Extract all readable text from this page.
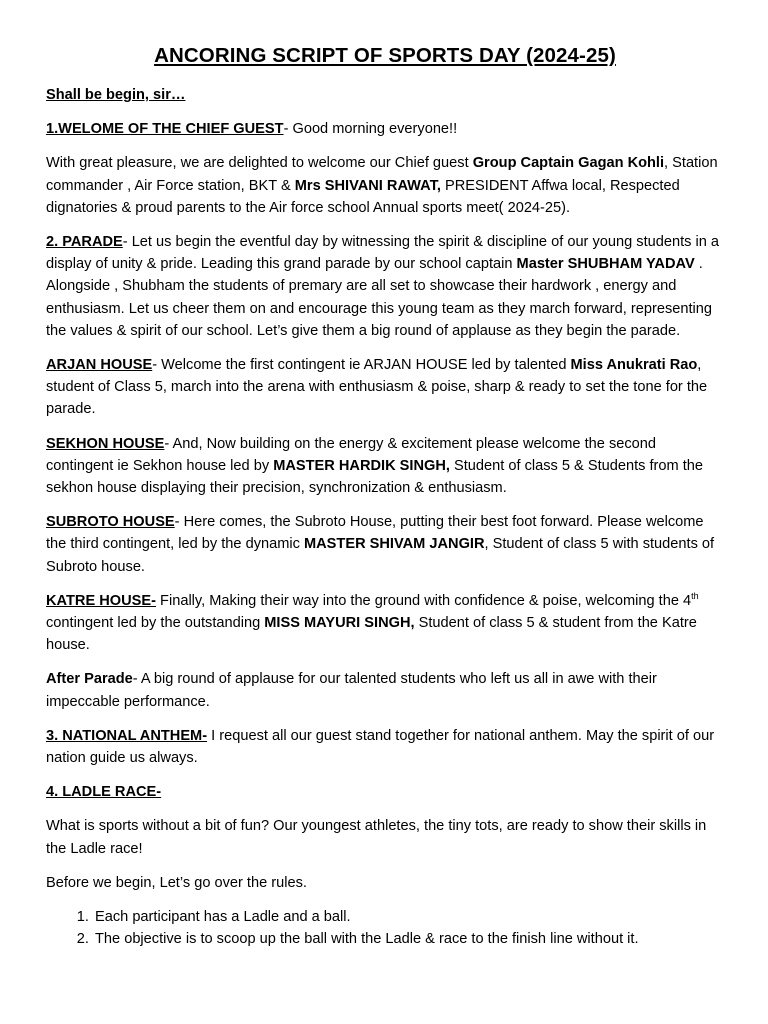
ANCORING SCRIPT OF SPORTS DAY (2024-25)

Shall be begin, sir…

1.WELOME OF THE CHIEF GUEST- Good morning everyone!!

With great pleasure, we are delighted to welcome our Chief guest Group Captain Gagan Kohli, Station commander , Air Force station, BKT & Mrs SHIVANI RAWAT, PRESIDENT Affwa local, Respected dignatories & proud parents to the Air force school Annual sports meet( 2024-25).

2. PARADE- Let us begin the eventful day by witnessing the spirit & discipline of our young students in a display of unity & pride. Leading this grand parade by our school captain Master SHUBHAM YADAV . Alongside , Shubham the students of premary are all set to showcase their hardwork , energy and enthusiasm. Let us cheer them on and encourage this young team as they march forward, representing the values & spirit of our school. Let’s give them a big round of applause as they begin the parade.

ARJAN HOUSE- Welcome the first contingent ie ARJAN HOUSE led by talented Miss Anukrati Rao, student of Class 5, march into the arena with enthusiasm & poise, sharp & ready to set the tone for the parade.

SEKHON HOUSE- And, Now building on the energy & excitement please welcome the second contingent ie Sekhon house led by MASTER HARDIK SINGH, Student of class 5 & Students from the sekhon house displaying their precision, synchronization & enthusiasm.

SUBROTO HOUSE- Here comes, the Subroto House, putting their best foot forward. Please welcome the third contingent, led by the dynamic MASTER SHIVAM JANGIR, Student of class 5 with students of Subroto house.

KATRE HOUSE- Finally, Making their way into the ground with confidence & poise, welcoming the 4th contingent led by the outstanding MISS MAYURI SINGH, Student of class 5 & student from the Katre house.

After Parade- A big round of applause for our talented students who left us all in awe with their impeccable performance.

3. NATIONAL ANTHEM- I request all our guest stand together for national anthem. May the spirit of our nation guide us always.

4. LADLE RACE-

What is sports without a bit of fun? Our youngest athletes, the tiny tots, are ready to show their skills in the Ladle race!

Before we begin, Let’s go over the rules.

1. Each participant has a Ladle and a ball.
2. The objective is to scoop up the ball with the Ladle & race to the finish line without it.
